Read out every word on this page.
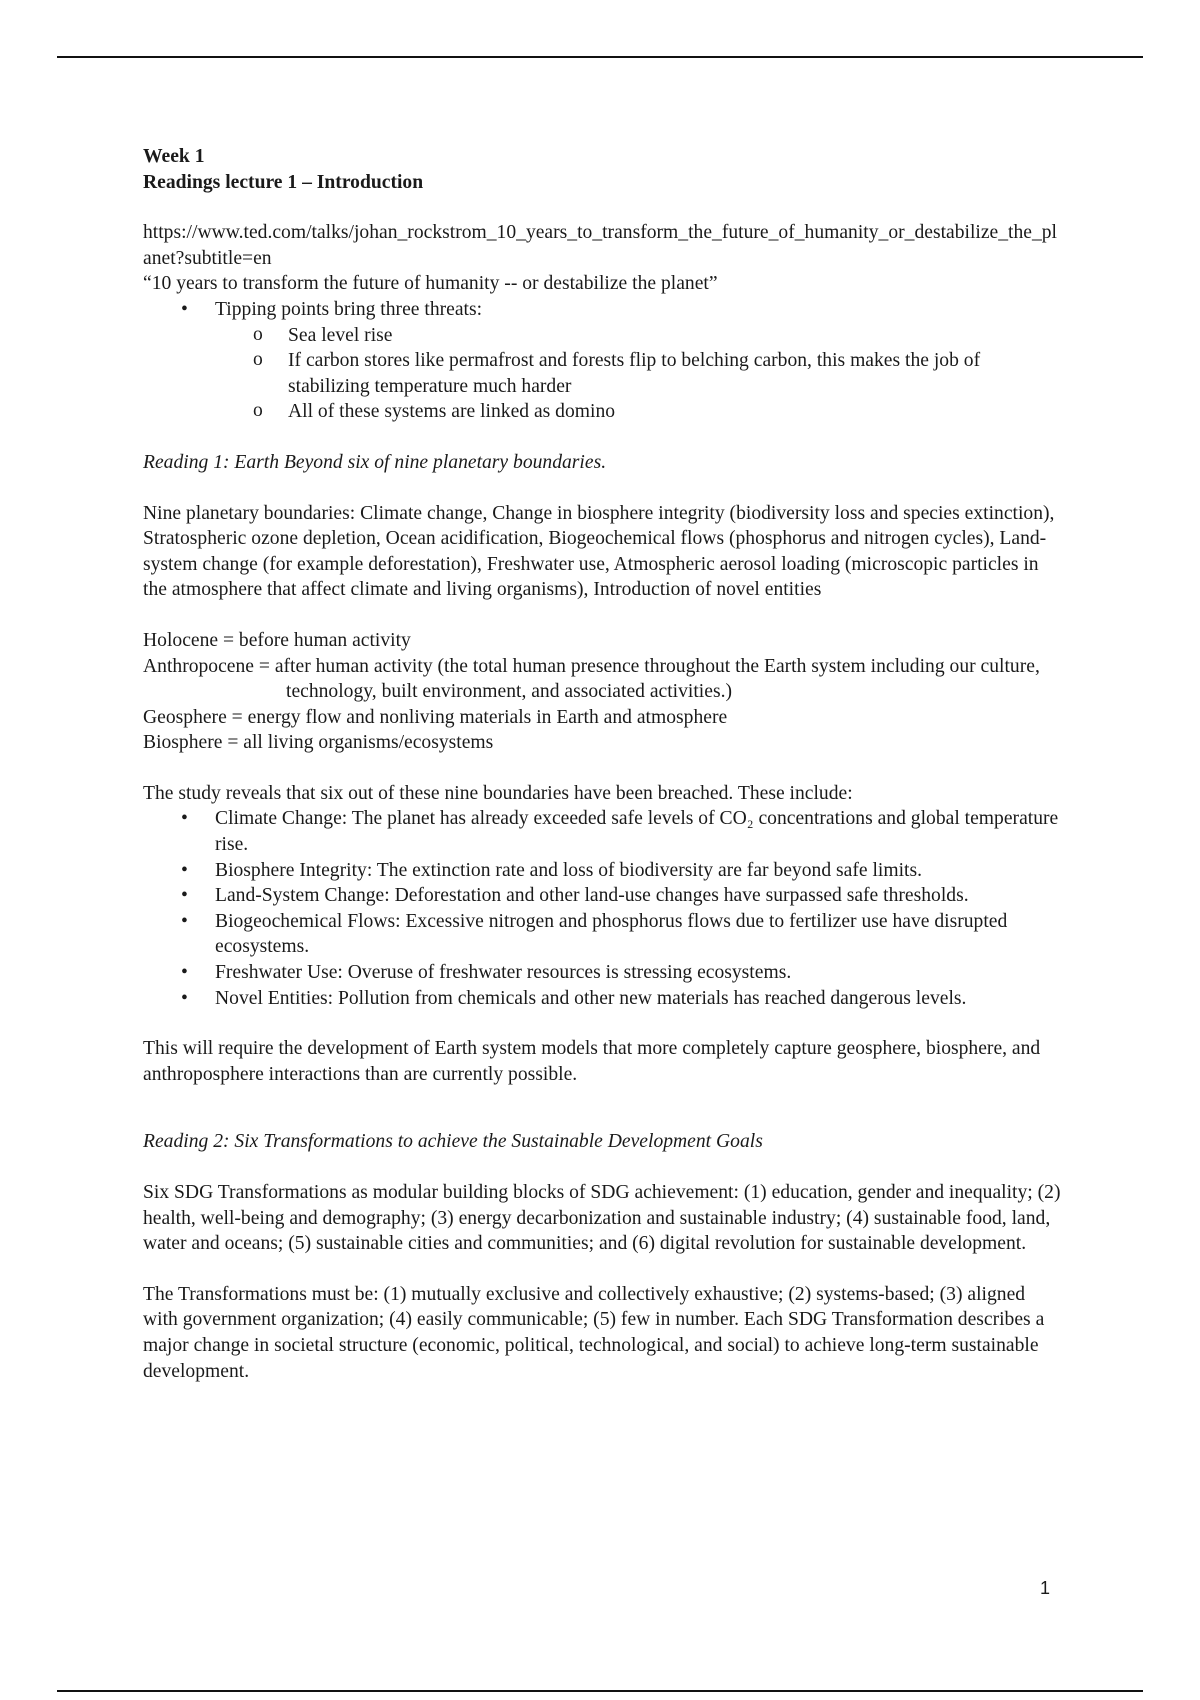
Week 1

Readings lecture 1 – Introduction

https://www.ted.com/talks/johan_rockstrom_10_years_to_transform_the_future_of_humanity_or_destabilize_the_planet?subtitle=en

“10 years to transform the future of humanity -- or destabilize the planet”

• Tipping points bring three threats:
o Sea level rise
o If carbon stores like permafrost and forests flip to belching carbon, this makes the job of stabilizing temperature much harder
o All of these systems are linked as domino

Reading 1: Earth Beyond six of nine planetary boundaries.

Nine planetary boundaries: Climate change, Change in biosphere integrity (biodiversity loss and species extinction), Stratospheric ozone depletion, Ocean acidification, Biogeochemical flows (phosphorus and nitrogen cycles), Land-system change (for example deforestation), Freshwater use, Atmospheric aerosol loading (microscopic particles in the atmosphere that affect climate and living organisms), Introduction of novel entities

Holocene = before human activity

Anthropocene = after human activity (the total human presence throughout the Earth system including our culture, technology, built environment, and associated activities.)

Geosphere = energy flow and nonliving materials in Earth and atmosphere

Biosphere = all living organisms/ecosystems

The study reveals that six out of these nine boundaries have been breached. These include:

• Climate Change: The planet has already exceeded safe levels of CO₂ concentrations and global temperature rise.
• Biosphere Integrity: The extinction rate and loss of biodiversity are far beyond safe limits.
• Land-System Change: Deforestation and other land-use changes have surpassed safe thresholds.
• Biogeochemical Flows: Excessive nitrogen and phosphorus flows due to fertilizer use have disrupted ecosystems.
• Freshwater Use: Overuse of freshwater resources is stressing ecosystems.
• Novel Entities: Pollution from chemicals and other new materials has reached dangerous levels.

This will require the development of Earth system models that more completely capture geosphere, biosphere, and anthroposphere interactions than are currently possible.

Reading 2: Six Transformations to achieve the Sustainable Development Goals

Six SDG Transformations as modular building blocks of SDG achievement: (1) education, gender and inequality; (2) health, well-being and demography; (3) energy decarbonization and sustainable industry; (4) sustainable food, land, water and oceans; (5) sustainable cities and communities; and (6) digital revolution for sustainable development.

The Transformations must be: (1) mutually exclusive and collectively exhaustive; (2) systems-based; (3) aligned with government organization; (4) easily communicable; (5) few in number. Each SDG Transformation describes a major change in societal structure (economic, political, technological, and social) to achieve long-term sustainable development.

1
